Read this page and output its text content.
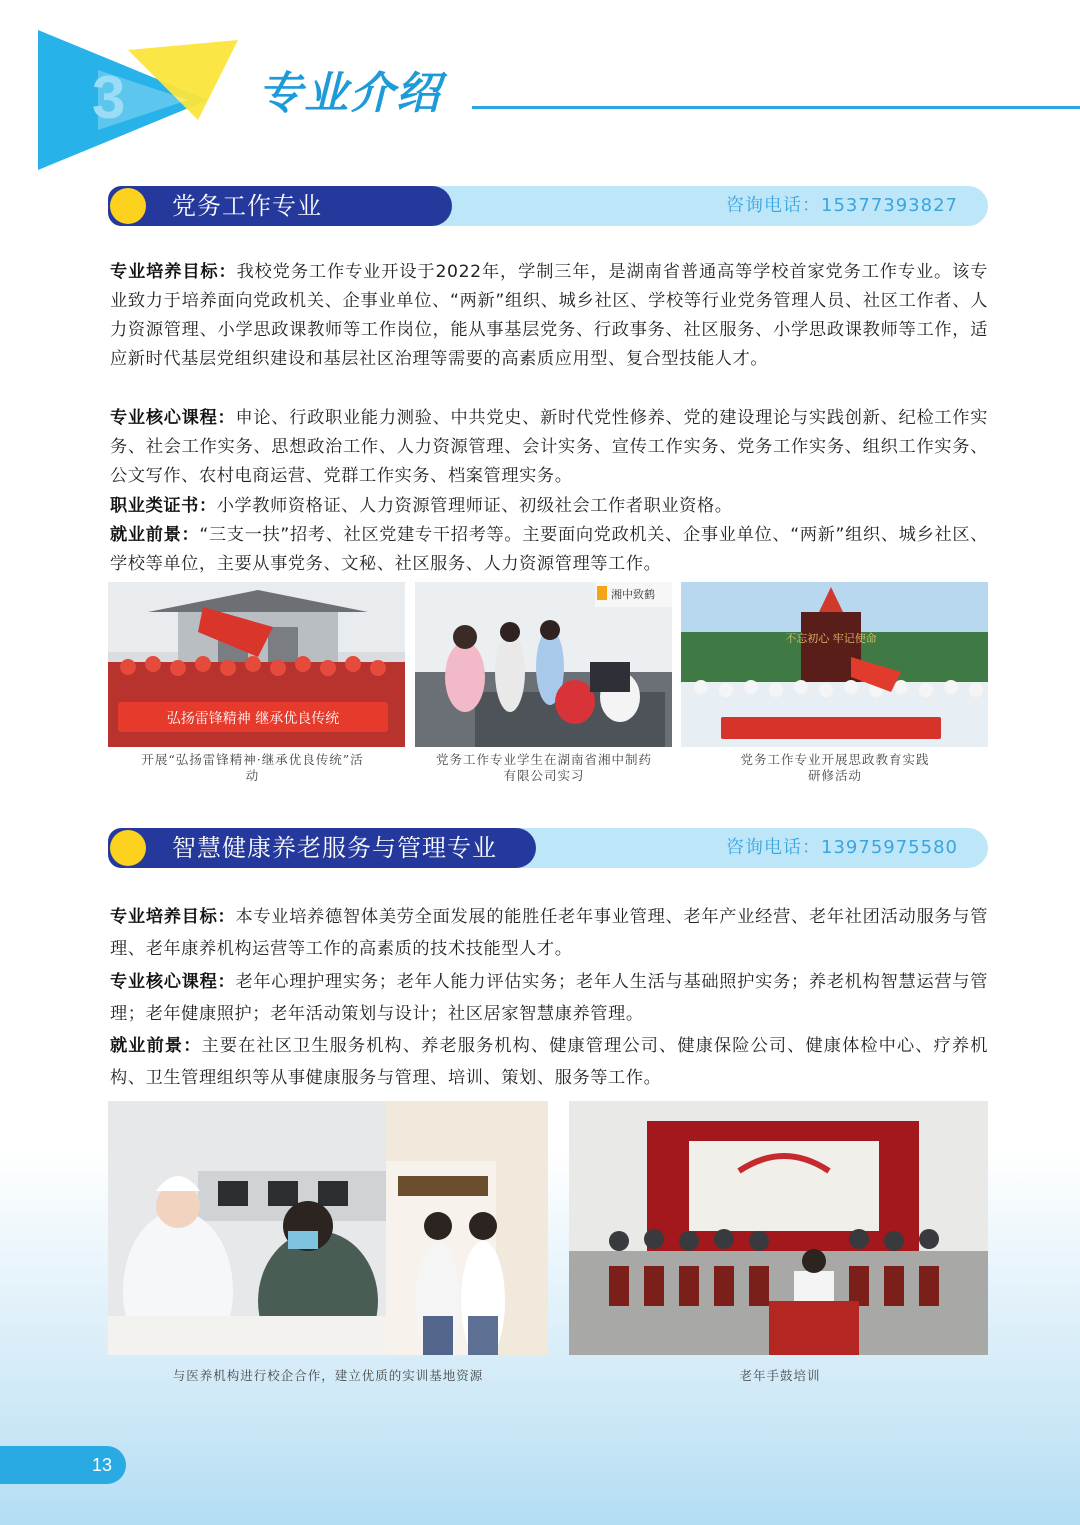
3	专业介绍
党务工作专业	咨询电话：15377393827
专业培养目标：我校党务工作专业开设于2022年，学制三年，是湖南省普通高等学校首家党务工作专业。该专业致力于培养面向党政机关、企事业单位、“两新”组织、城乡社区、学校等行业党务管理人员、社区工作者、人力资源管理、小学思政课教师等工作岗位，能从事基层党务、行政事务、社区服务、小学思政课教师等工作，适应新时代基层党组织建设和基层社区治理等需要的高素质应用型、复合型技能人才。
专业核心课程：申论、行政职业能力测验、中共党史、新时代党性修养、党的建设理论与实践创新、纪检工作实务、社会工作实务、思想政治工作、人力资源管理、会计实务、宣传工作实务、党务工作实务、组织工作实务、公文写作、农村电商运营、党群工作实务、档案管理实务。
职业类证书：小学教师资格证、人力资源管理师证、初级社会工作者职业资格。
就业前景：“三支一扶”招考、社区党建专干招考等。主要面向党政机关、企事业单位、“两新”组织、城乡社区、学校等单位，主要从事党务、文秘、社区服务、人力资源管理等工作。
弘扬雷锋精神 继承优良传统
湘中致鹤
不忘初心 牢记使命
开展“弘扬雷锋精神·继承优良传统”活动
党务工作专业学生在湖南省湘中制药有限公司实习
党务工作专业开展思政教育实践研修活动
智慧健康养老服务与管理专业	咨询电话：13975975580
专业培养目标：本专业培养德智体美劳全面发展的能胜任老年事业管理、老年产业经营、老年社团活动服务与管理、老年康养机构运营等工作的高素质的技术技能型人才。
专业核心课程：老年心理护理实务；老年人能力评估实务；老年人生活与基础照护实务；养老机构智慧运营与管理；老年健康照护；老年活动策划与设计；社区居家智慧康养管理。
就业前景：主要在社区卫生服务机构、养老服务机构、健康管理公司、健康保险公司、健康体检中心、疗养机构、卫生管理组织等从事健康服务与管理、培训、策划、服务等工作。
与医养机构进行校企合作，建立优质的实训基地资源	老年手鼓培训
13
